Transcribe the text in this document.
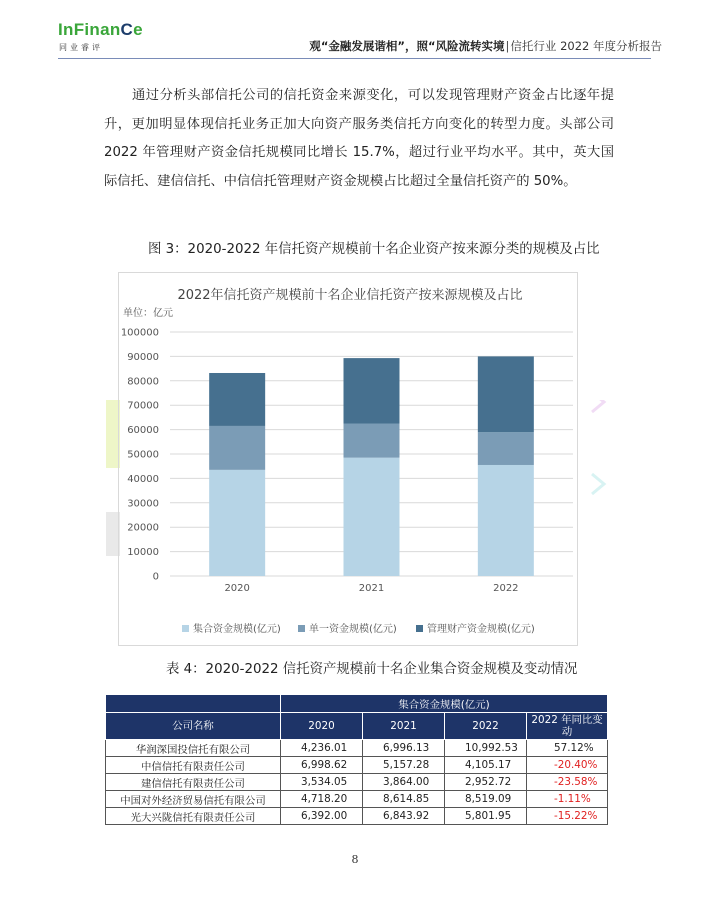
InFinanCe
同业睿评	观“金融发展谐相”，照“风险流转实境|信托行业 2022 年度分析报告
通过分析头部信托公司的信托资金来源变化，可以发现管理财产资金占比逐年提升，更加明显体现信托业务正加大向资产服务类信托方向变化的转型力度。头部公司 2022 年管理财产资金信托规模同比增长 15.7%，超过行业平均水平。其中，英大国际信托、建信信托、中信信托管理财产资金规模占比超过全量信托资产的 50%。
图 3：2020-2022 年信托资产规模前十名企业资产按来源分类的规模及占比
2022年信托资产规模前十名企业信托资产按来源规模及占比
单位：亿元
0
10000
20000
30000
40000
50000
60000
70000
80000
90000
100000
2020	2021	2022
集合资金规模(亿元)	单一资金规模(亿元)	管理财产资金规模(亿元)
表 4：2020-2022 信托资产规模前十名企业集合资金规模及变动情况
	集合资金规模(亿元)			
公司名称	2020	2021	2022	2022 年同比变动
华润深国投信托有限公司	4,236.01	6,996.13	10,992.53	57.12%
中信信托有限责任公司	6,998.62	5,157.28	4,105.17	-20.40%
建信信托有限责任公司	3,534.05	3,864.00	2,952.72	-23.58%
中国对外经济贸易信托有限公司	4,718.20	8,614.85	8,519.09	-1.11%
光大兴陇信托有限责任公司	6,392.00	6,843.92	5,801.95	-15.22%
8
